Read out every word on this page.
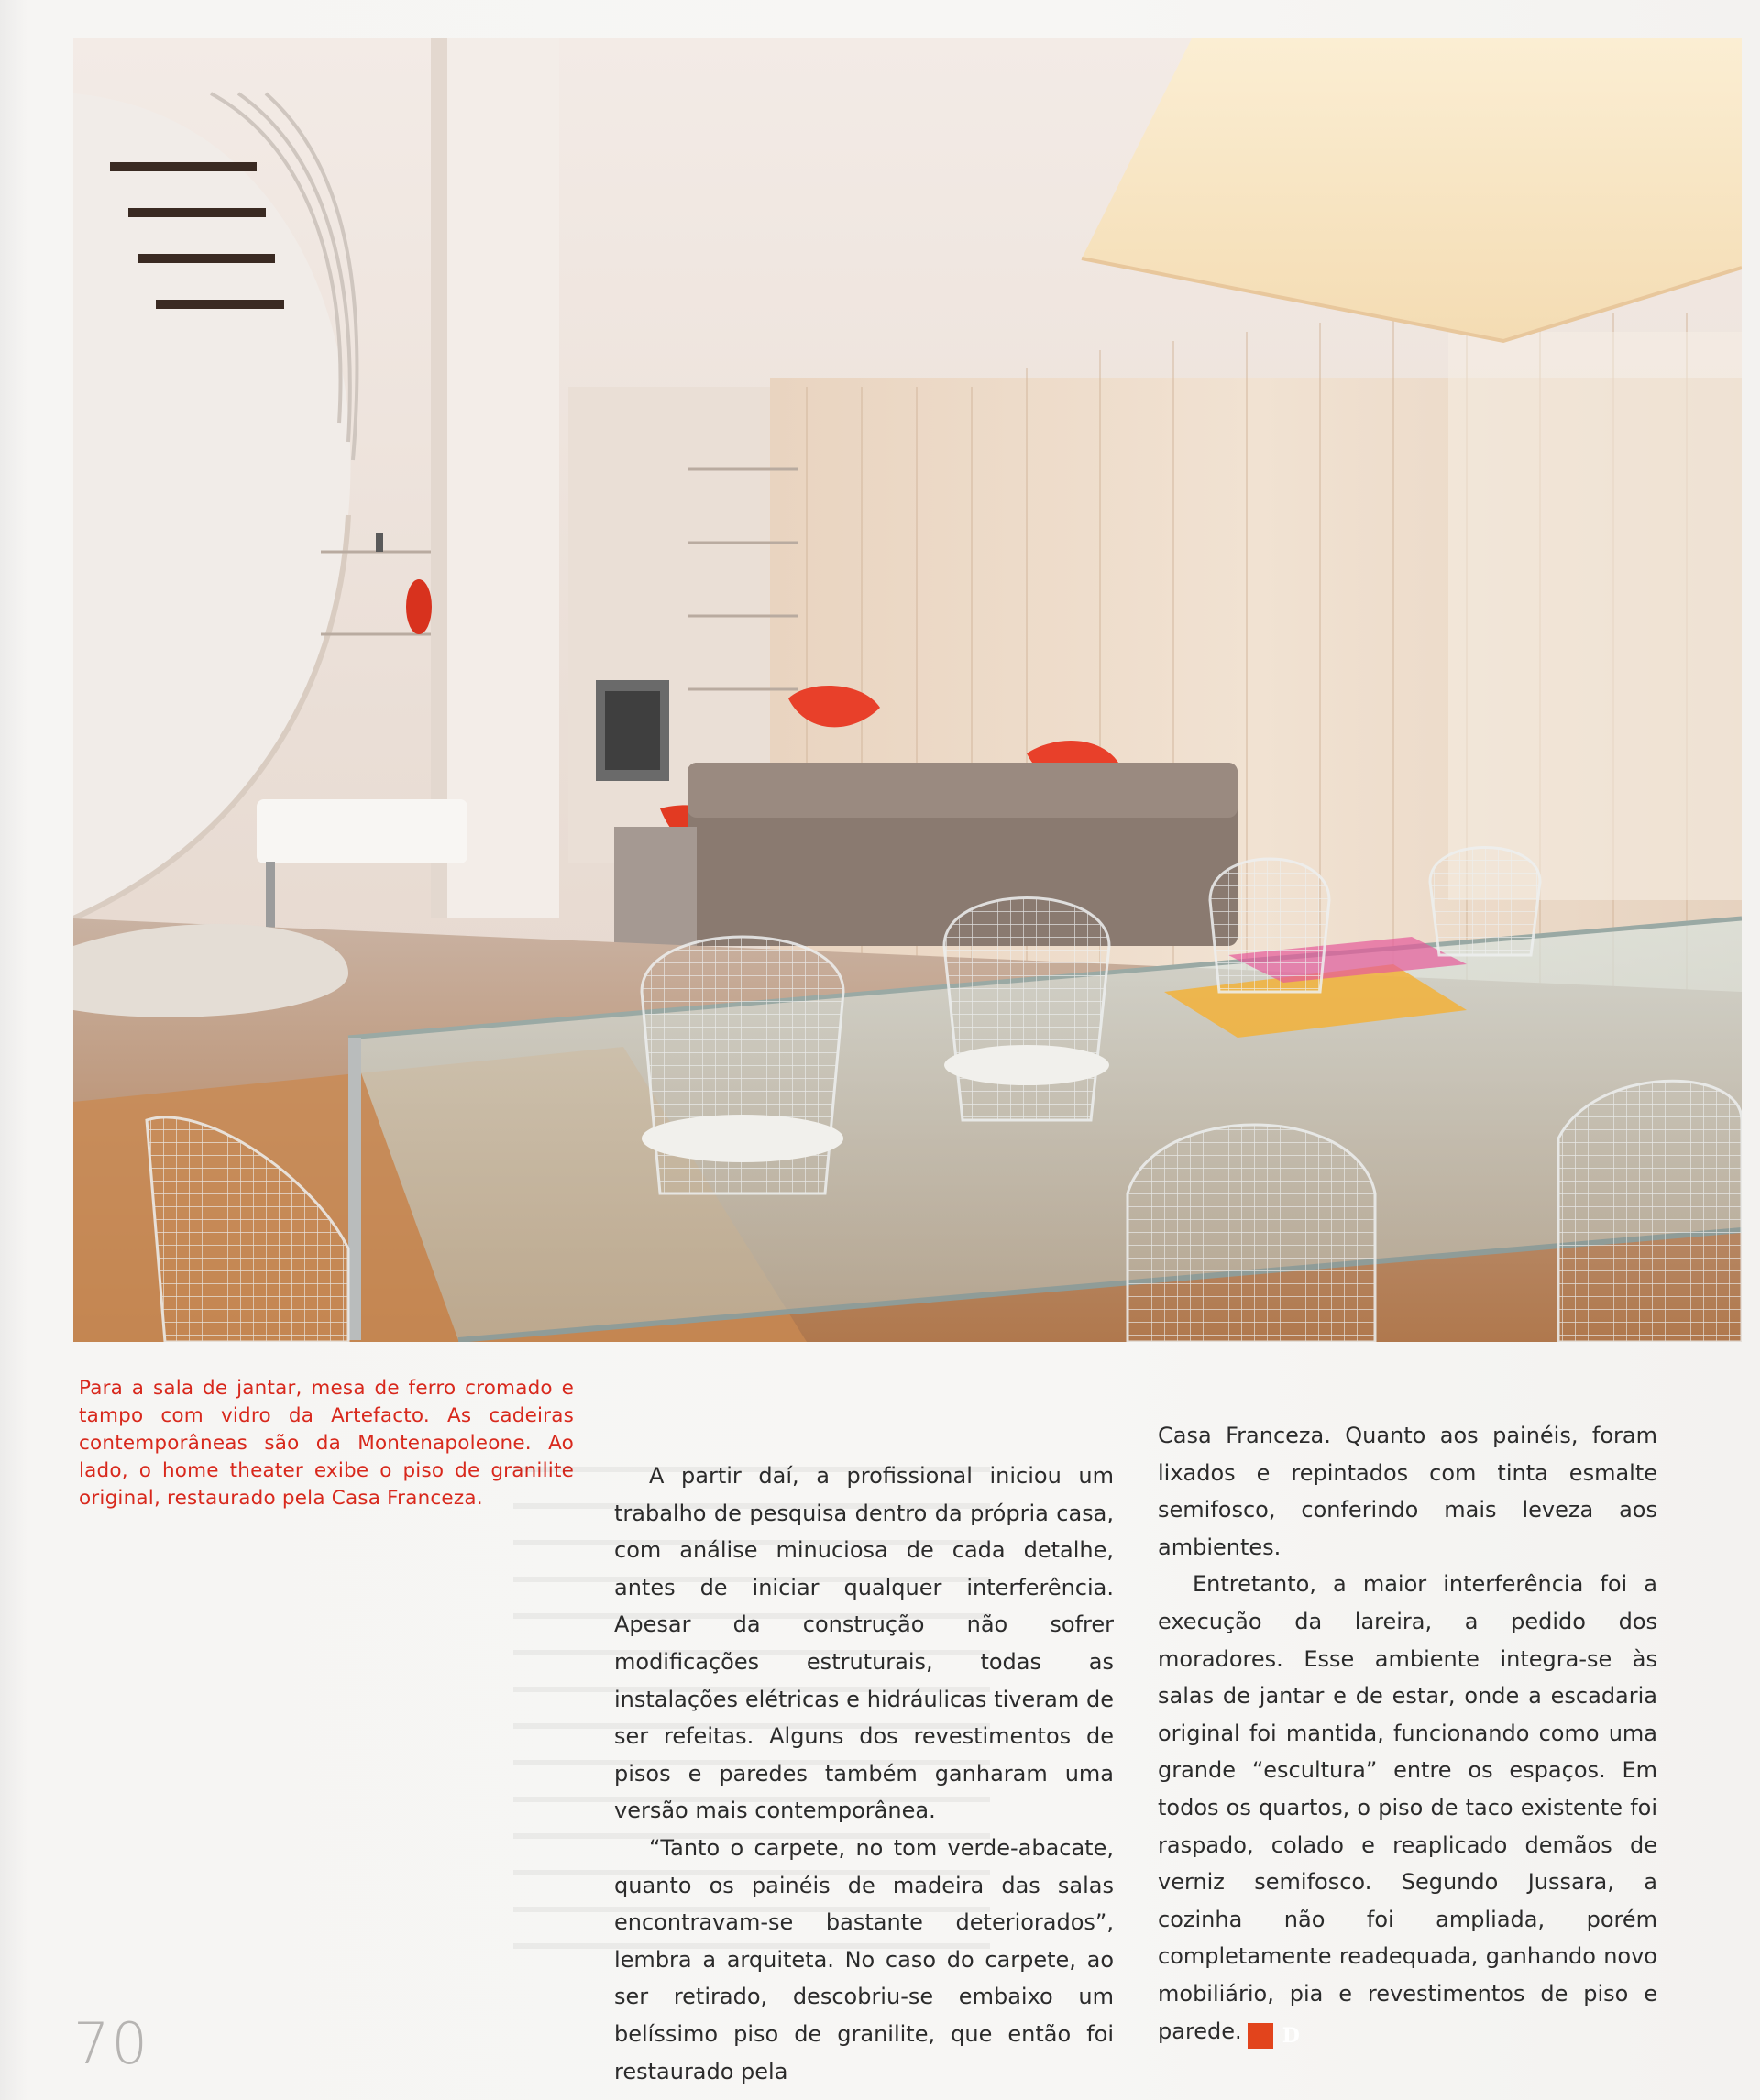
Para a sala de jantar, mesa de ferro cromado e tampo com vidro da Artefacto. As cadeiras contemporâneas são da Montenapoleone. Ao lado, o home theater exibe o piso de granilite original, restaurado pela Casa Franceza.

A partir daí, a profissional iniciou um trabalho de pesquisa dentro da própria casa, com análise minuciosa de cada detalhe, antes de iniciar qualquer interferência. Apesar da construção não sofrer modificações estruturais, todas as instalações elétricas e hidráulicas tiveram de ser refeitas. Alguns dos revestimentos de pisos e paredes também ganharam uma versão mais contemporânea.

“Tanto o carpete, no tom verde-abacate, quanto os painéis de madeira das salas encontravam-se bastante deteriorados”, lembra a arquiteta. No caso do carpete, ao ser retirado, descobriu-se embaixo um belíssimo piso de granilite, que então foi restaurado pela

Casa Franceza. Quanto aos painéis, foram lixados e repintados com tinta esmalte semifosco, conferindo mais leveza aos ambientes.

Entretanto, a maior interferência foi a execução da lareira, a pedido dos moradores. Esse ambiente integra-se às salas de jantar e de estar, onde a escadaria original foi mantida, funcionando como uma grande “escultura” entre os espaços. Em todos os quartos, o piso de taco existente foi raspado, colado e reaplicado demãos de verniz semifosco. Segundo Jussara, a cozinha não foi ampliada, porém completamente readequada, ganhando novo mobiliário, pia e revestimentos de piso e parede. D

70
